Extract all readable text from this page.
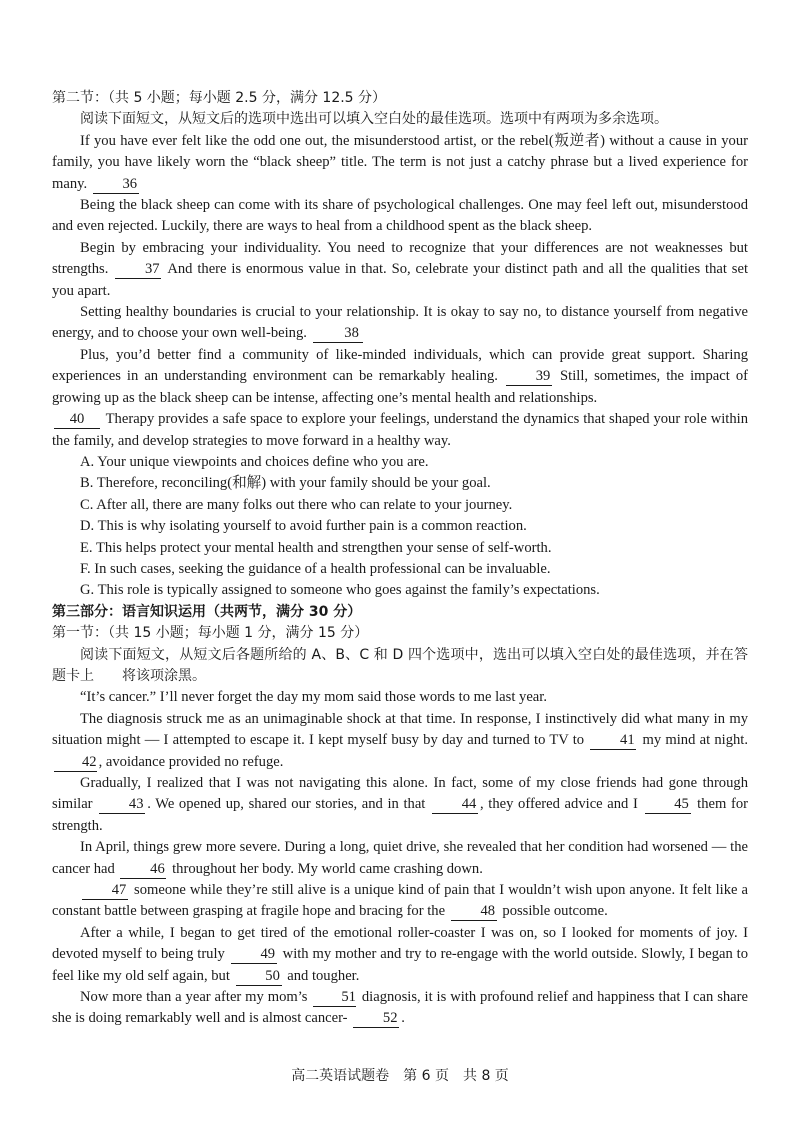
第二节：（共 5 小题；每小题 2.5 分，满分 12.5 分）

阅读下面短文，从短文后的选项中选出可以填入空白处的最佳选项。选项中有两项为多余选项。

If you have ever felt like the odd one out, the misunderstood artist, or the rebel(叛逆者) without a cause in your family, you have likely worn the “black sheep” title. The term is not just a catchy phrase but a lived experience for many. 36

Being the black sheep can come with its share of psychological challenges. One may feel left out, misunderstood and even rejected. Luckily, there are ways to heal from a childhood spent as the black sheep.

Begin by embracing your individuality. You need to recognize that your differences are not weaknesses but strengths.	37 And there is enormous value in that. So, celebrate your distinct path and all the qualities that set you apart.

Setting healthy boundaries is crucial to your relationship. It is okay to say no, to distance yourself from negative energy, and to choose your own well-being.	38

Plus, you’d better find a community of like-minded individuals, which can provide great support. Sharing experiences in an understanding environment can be remarkably healing.	39 Still, sometimes, the impact of growing up as the black sheep can be intense, affecting one’s mental health and relationships.

40 Therapy provides a safe space to explore your feelings, understand the dynamics that shaped your role within the family, and develop strategies to move forward in a healthy way.

A. Your unique viewpoints and choices define who you are.

B. Therefore, reconciling(和解) with your family should be your goal.

C. After all, there are many folks out there who can relate to your journey.

D. This is why isolating yourself to avoid further pain is a common reaction.

E. This helps protect your mental health and strengthen your sense of self-worth.

F. In such cases, seeking the guidance of a health professional can be invaluable.

G. This role is typically assigned to someone who goes against the family’s expectations.

第三部分：语言知识运用（共两节，满分 30 分）

第一节：（共 15 小题；每小题 1 分，满分 15 分）

阅读下面短文，从短文后各题所给的 A、B、C 和 D 四个选项中，选出可以填入空白处的最佳选项，并在答题卡上　　将该项涂黑。

“It’s cancer.” I’ll never forget the day my mom said those words to me last year.

The diagnosis struck me as an unimaginable shock at that time. In response, I instinctively did what many in my situation might — I attempted to escape it. I kept myself busy by day and turned to TV to 41 my mind at night. 42 , avoidance provided no refuge.

Gradually, I realized that I was not navigating this alone. In fact, some of my close friends had gone through similar 43 . We opened up, shared our stories, and in that 44 , they offered advice and I 45 them for strength.

In April, things grew more severe. During a long, quiet drive, she revealed that her condition had worsened — the cancer had 46 throughout her body. My world came crashing down.

47 someone while they’re still alive is a unique kind of pain that I wouldn’t wish upon anyone. It felt like a constant battle between grasping at fragile hope and bracing for the 48 possible outcome.

After a while, I began to get tired of the emotional roller-coaster I was on, so I looked for moments of joy. I devoted myself to being truly 49 with my mother and try to re-engage with the world outside. Slowly, I began to feel like my old self again, but 50 and tougher.

Now more than a year after my mom’s 51 diagnosis, it is with profound relief and happiness that I can share she is doing remarkably well and is almost cancer- 52 .

高二英语试题卷　第 6 页　共 8 页
